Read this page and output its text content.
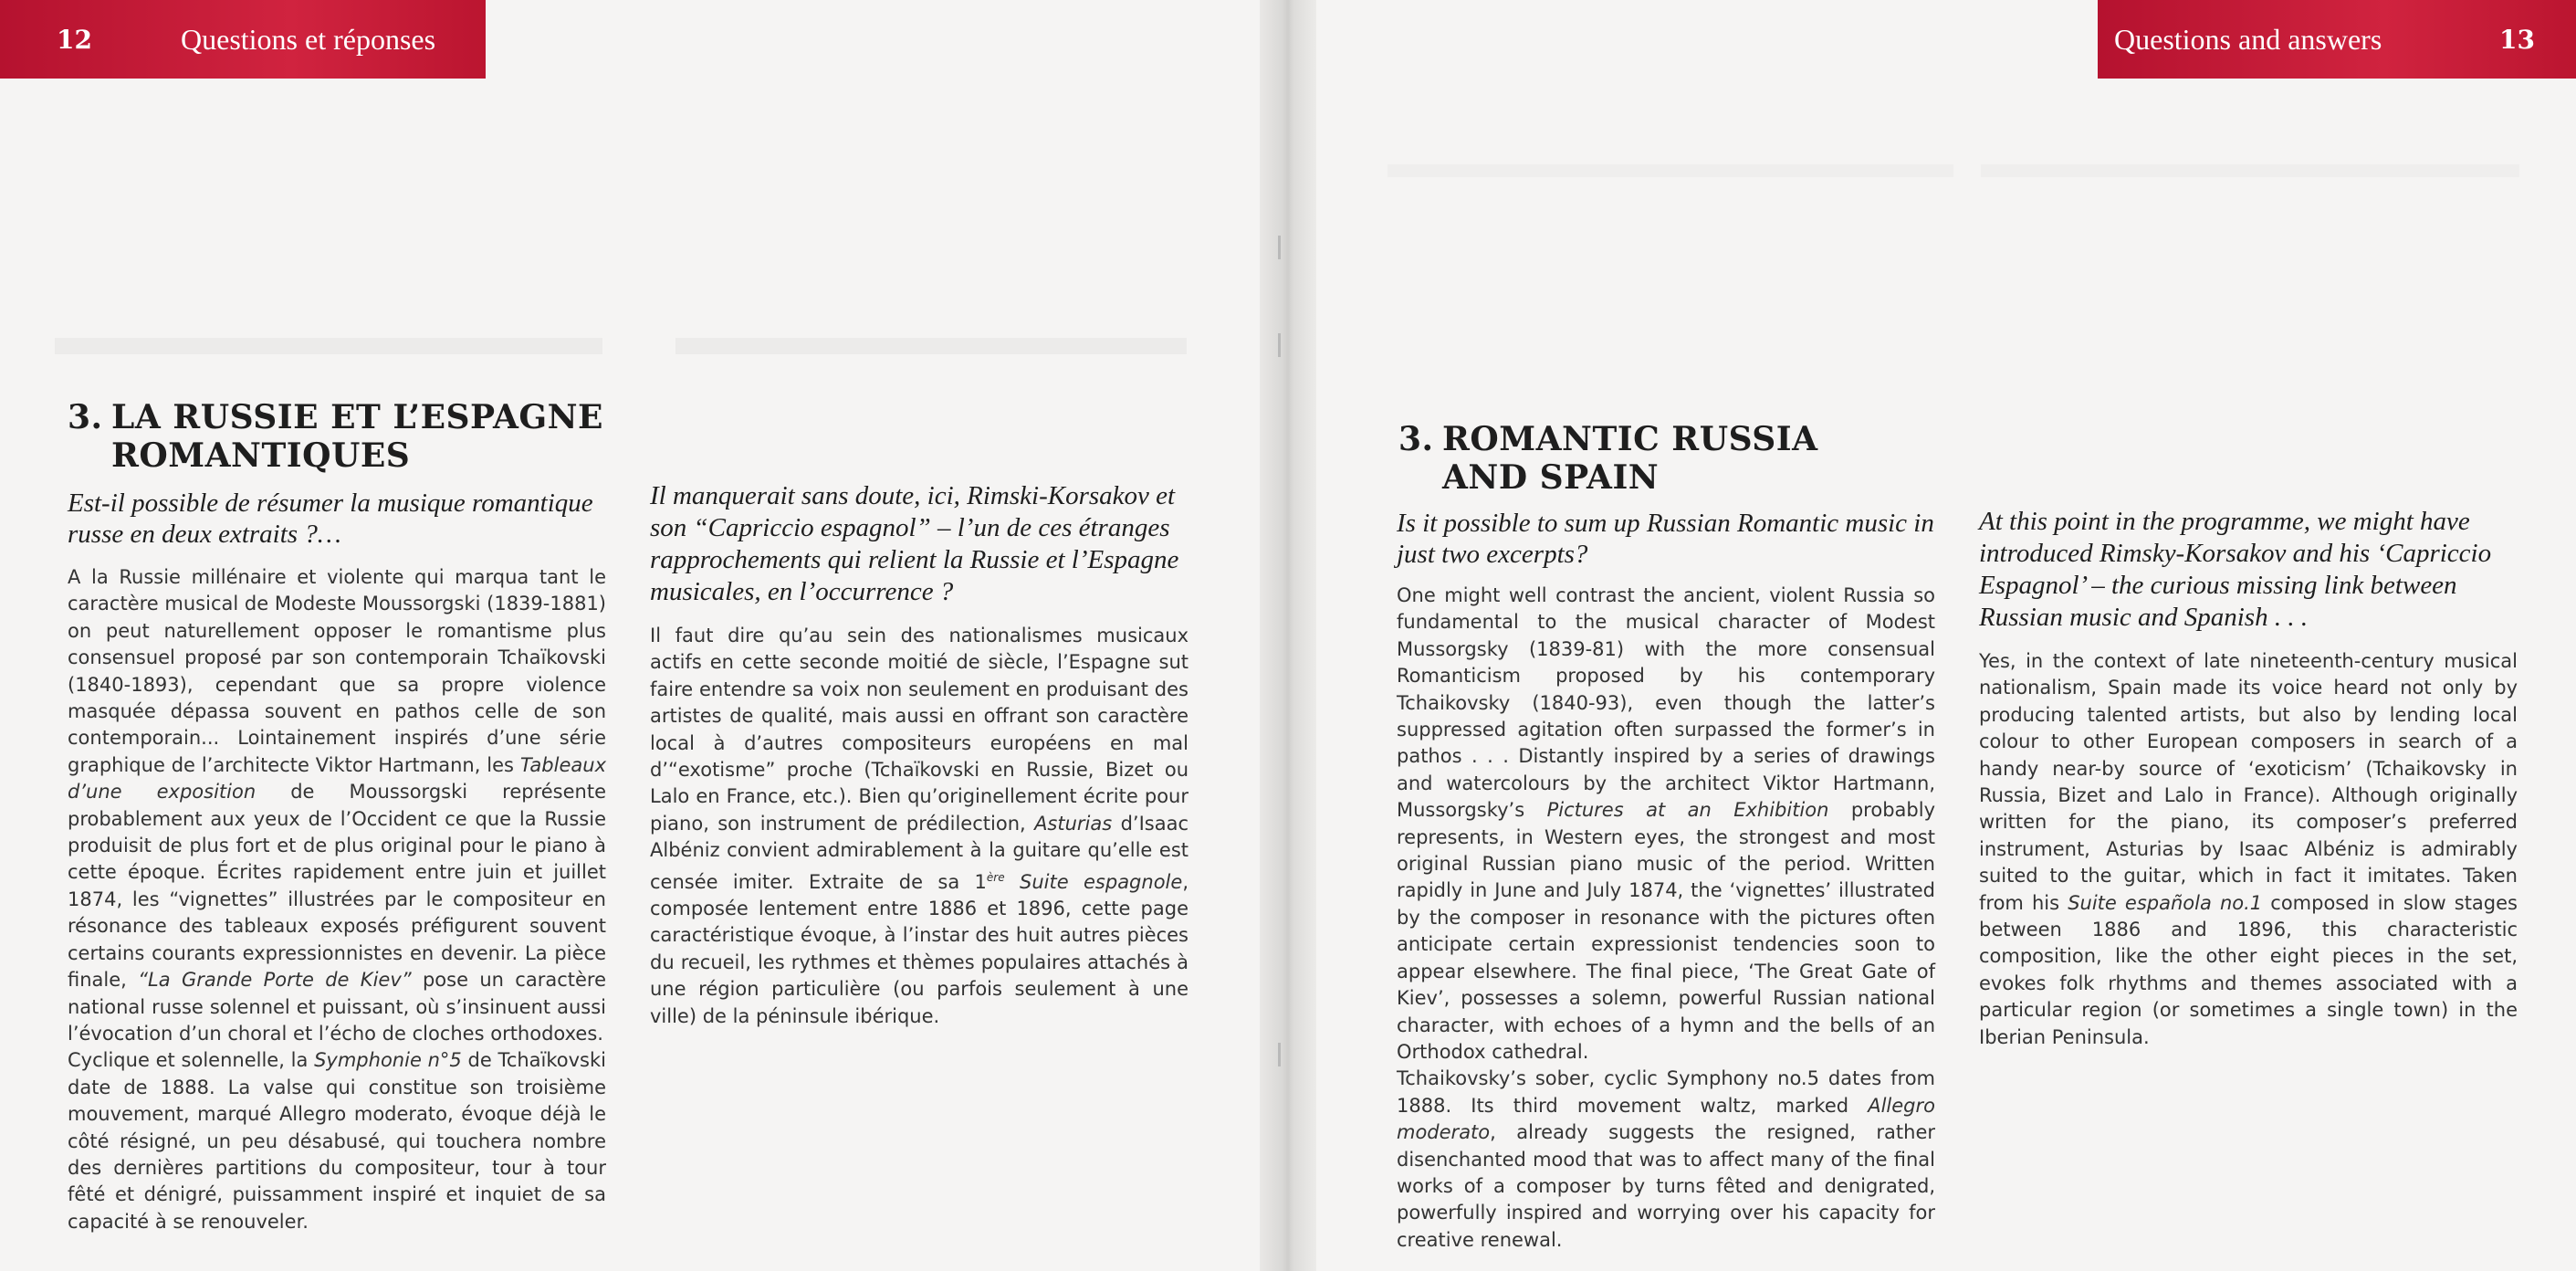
12	Questions et réponses	Questions and answers	13
3. LA RUSSIE ET L’ESPAGNE
ROMANTIQUES
Est-il possible de résumer la musique romantique russe en deux extraits ?…

A la Russie millénaire et violente qui marqua tant le caractère musical de Modeste Moussorgski (1839-1881) on peut naturellement opposer le romantisme plus consensuel proposé par son contemporain Tchaïkovski (1840-1893), cependant que sa propre violence masquée dépassa souvent en pathos celle de son contemporain... Lointainement inspirés d’une série graphique de l’architecte Viktor Hartmann, les Tableaux d’une exposition de Moussorgski représente probablement aux yeux de l’Occident ce que la Russie produisit de plus fort et de plus original pour le piano à cette époque. Écrites rapidement entre juin et juillet 1874, les “vignettes” illustrées par le compositeur en résonance des tableaux exposés préfigurent souvent certains courants expressionnistes en devenir. La pièce finale, “La Grande Porte de Kiev” pose un caractère national russe solennel et puissant, où s’insinuent aussi l’évocation d’un choral et l’écho de cloches orthodoxes.

Cyclique et solennelle, la Symphonie n°5 de Tchaïkovski date de 1888. La valse qui constitue son troisième mouvement, marqué Allegro moderato, évoque déjà le côté résigné, un peu désabusé, qui touchera nombre des dernières partitions du compositeur, tour à tour fêté et dénigré, puissamment inspiré et inquiet de sa capacité à se renouveler.

Il manquerait sans doute, ici, Rimski-Korsakov et son “Capriccio espagnol” – l’un de ces étranges rapprochements qui relient la Russie et l’Espagne musicales, en l’occurrence ?

Il faut dire qu’au sein des nationalismes musicaux actifs en cette seconde moitié de siècle, l’Espagne sut faire entendre sa voix non seulement en produisant des artistes de qualité, mais aussi en offrant son caractère local à d’autres compositeurs européens en mal d’“exotisme” proche (Tchaïkovski en Russie, Bizet ou Lalo en France, etc.). Bien qu’originellement écrite pour piano, son instrument de prédilection, Asturias d’Isaac Albéniz convient admirablement à la guitare qu’elle est censée imiter. Extraite de sa 1ère Suite espagnole, composée lentement entre 1886 et 1896, cette page caractéristique évoque, à l’instar des huit autres pièces du recueil, les rythmes et thèmes populaires attachés à une région particulière (ou parfois seulement à une ville) de la péninsule ibérique.

3. ROMANTIC RUSSIA
AND SPAIN
Is it possible to sum up Russian Romantic music in just two excerpts?

One might well contrast the ancient, violent Russia so fundamental to the musical character of Modest Mussorgsky (1839-81) with the more consensual Romanticism proposed by his contemporary Tchaikovsky (1840-93), even though the latter’s suppressed agitation often surpassed the former’s in pathos . . . Distantly inspired by a series of drawings and watercolours by the architect Viktor Hartmann, Mussorgsky’s Pictures at an Exhibition probably represents, in Western eyes, the strongest and most original Russian piano music of the period. Written rapidly in June and July 1874, the ‘vignettes’ illustrated by the composer in resonance with the pictures often anticipate certain expressionist tendencies soon to appear elsewhere. The final piece, ‘The Great Gate of Kiev’, possesses a solemn, powerful Russian national character, with echoes of a hymn and the bells of an Orthodox cathedral.

Tchaikovsky’s sober, cyclic Symphony no.5 dates from 1888. Its third movement waltz, marked Allegro moderato, already suggests the resigned, rather disenchanted mood that was to affect many of the final works of a composer by turns fêted and denigrated, powerfully inspired and worrying over his capacity for creative renewal.

At this point in the programme, we might have introduced Rimsky-Korsakov and his ‘Capriccio Espagnol’ – the curious missing link between Russian music and Spanish . . .

Yes, in the context of late nineteenth-century musical nationalism, Spain made its voice heard not only by producing talented artists, but also by lending local colour to other European composers in search of a handy near-by source of ‘exoticism’ (Tchaikovsky in Russia, Bizet and Lalo in France). Although originally written for the piano, its composer’s preferred instrument, Asturias by Isaac Albéniz is admirably suited to the guitar, which in fact it imitates. Taken from his Suite española no.1 composed in slow stages between 1886 and 1896, this characteristic composition, like the other eight pieces in the set, evokes folk rhythms and themes associated with a particular region (or sometimes a single town) in the Iberian Peninsula.
